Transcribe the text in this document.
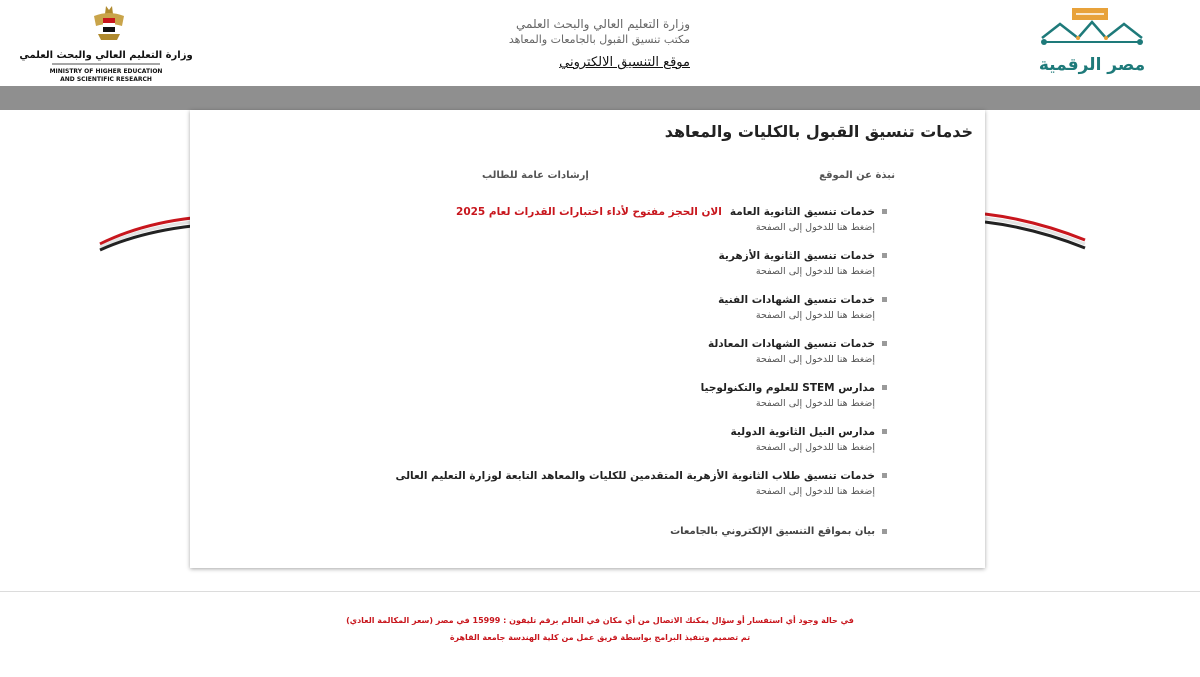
وزارة التعليم العالي والبحث العلمي
MINISTRY OF HIGHER EDUCATION
AND SCIENTIFIC RESEARCH
وزارة التعليم العالي والبحث العلمي
مكتب تنسيق القبول بالجامعات والمعاهد
موقع التنسيق الالكتروني	مصر الرقمية
خدمات تنسيق القبول بالكليات والمعاهد
نبذة عن الموقع
إرشادات عامة للطالب
خدمات تنسيق الثانوية العامةالان الحجز مفتوح لأداء اختبارات القدرات لعام 2025
إضغط هنا للدخول إلى الصفحة
خدمات تنسيق الثانوية الأزهرية
إضغط هنا للدخول إلى الصفحة
خدمات تنسيق الشهادات الفنية
إضغط هنا للدخول إلى الصفحة
خدمات تنسيق الشهادات المعادلة
إضغط هنا للدخول إلى الصفحة
مدارس STEM للعلوم والتكنولوجيا
إضغط هنا للدخول إلى الصفحة
مدارس النيل الثانوية الدولية
إضغط هنا للدخول إلى الصفحة
خدمات تنسيق طلاب الثانوية الأزهرية المتقدمين للكليات والمعاهد التابعة لوزارة التعليم العالى
إضغط هنا للدخول إلى الصفحة
بيان بمواقع التنسيق الإلكتروني بالجامعات
في حالة وجود أي استفسار أو سؤال يمكنك الاتصال من أي مكان في العالم برقم تليفون : 15999 في مصر (سعر المكالمة العادي)
تم تصميم وتنفيذ البرامج بواسطة فريق عمل من كلية الهندسة جامعة القاهرة
